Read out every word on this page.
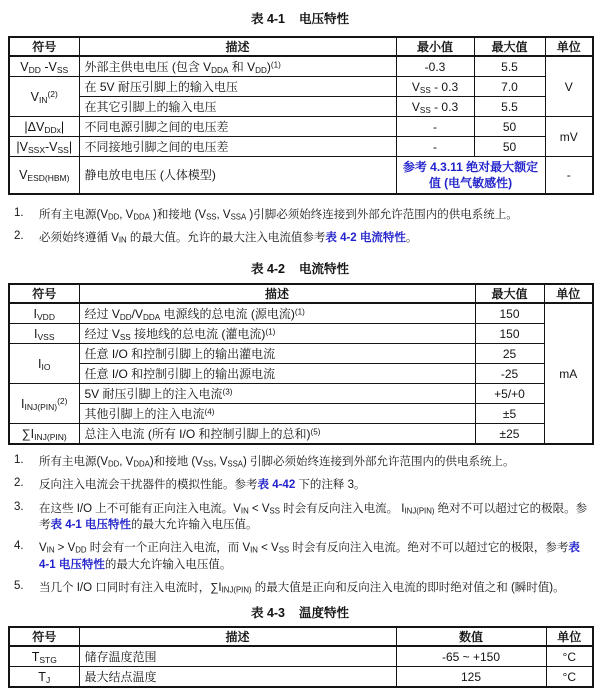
表 4-1 电压特性
符号	描述	最小值	最大值	单位
$V_{DD}$ $-V_{SS}$	外部主供电电压 (包含 $V_{DDA}$ 和 $V_{DD})^{(1)}$	-0.3	5.5	V
$V_{IN}^{(2)}$	在 5V 耐压引脚上的输入电压	$V_{SS} - 0.3$	7.0	
	在其它引脚上的输入电压	$V_{SS} - 0.3$	5.5	
$|\Delta V_{DDx}|$	不同电源引脚之间的电压差	-	50	mV
$|V_{SSX}-V_{SS}|$	不同接地引脚之间的电压差	-	50	
$V_{ESD(HBM)}$	静电放电电压 (人体模型)	参考 4.3.11 绝对最大额定值 (电气敏感性)		-
1.	所有主电源($V_{DD}$, $V_{DDA}$ )和接地 ($V_{SS}$, $V_{SSA}$ )引脚必须始终连接到外部允许范围内的供电系统上。
2.	必须始终遵循 $V_{IN}$ 的最大值。允许的最大注入电流值参考表 4-2 电流特性。
表 4-2 电流特性
符号	描述	最大值	单位
$I_{VDD}$	经过 $V_{DD}/V_{DDA}$ 电源线的总电流 (源电流)$^{(1)}$	150	mA
$I_{VSS}$	经过 $V_{SS}$ 接地线的总电流 (灌电流)$^{(1)}$	150	
$I_{IO}$	任意 I/O 和控制引脚上的输出灌电流	25	
	任意 I/O 和控制引脚上的输出源电流	-25	
$I_{INJ(PIN)}^{(2)}$	5V 耐压引脚上的注入电流$^{(3)}$	+5/+0	
	其他引脚上的注入电流$^{(4)}$	±5	
$\sum I_{INJ(PIN)}$	总注入电流 (所有 I/O 和控制引脚上的总和)$^{(5)}$	±25	
1.	所有主电源($V_{DD}$, $V_{DDA}$)和接地 ($V_{SS}$, $V_{SSA}$) 引脚必须始终连接到外部允许范围内的供电系统上。
2.	反向注入电流会干扰器件的模拟性能。参考表 4-42 下的注释 3。
3.	在这些 I/O 上不可能有正向注入电流。$V_{IN} < V_{SS}$ 时会有反向注入电流。 $I_{INJ(PIN)}$ 绝对不可以超过它的极限。参考表 4-1 电压特性的最大允许输入电压值。
4.	$V_{IN} > V_{DD}$ 时会有一个正向注入电流，而 $V_{IN} < V_{SS}$ 时会有反向注入电流。绝对不可以超过它的极限，参考表 4-1 电压特性的最大允许输入电压值。
5.	当几个 I/O 口同时有注入电流时，$\sum I_{INJ(PIN)}$ 的最大值是正向和反向注入电流的即时绝对值之和 (瞬时值)。
表 4-3 温度特性
符号	描述	数值	单位
$T_{STG}$	储存温度范围	-65 ~ +150	°C
$T_J$	最大结点温度	125	°C
